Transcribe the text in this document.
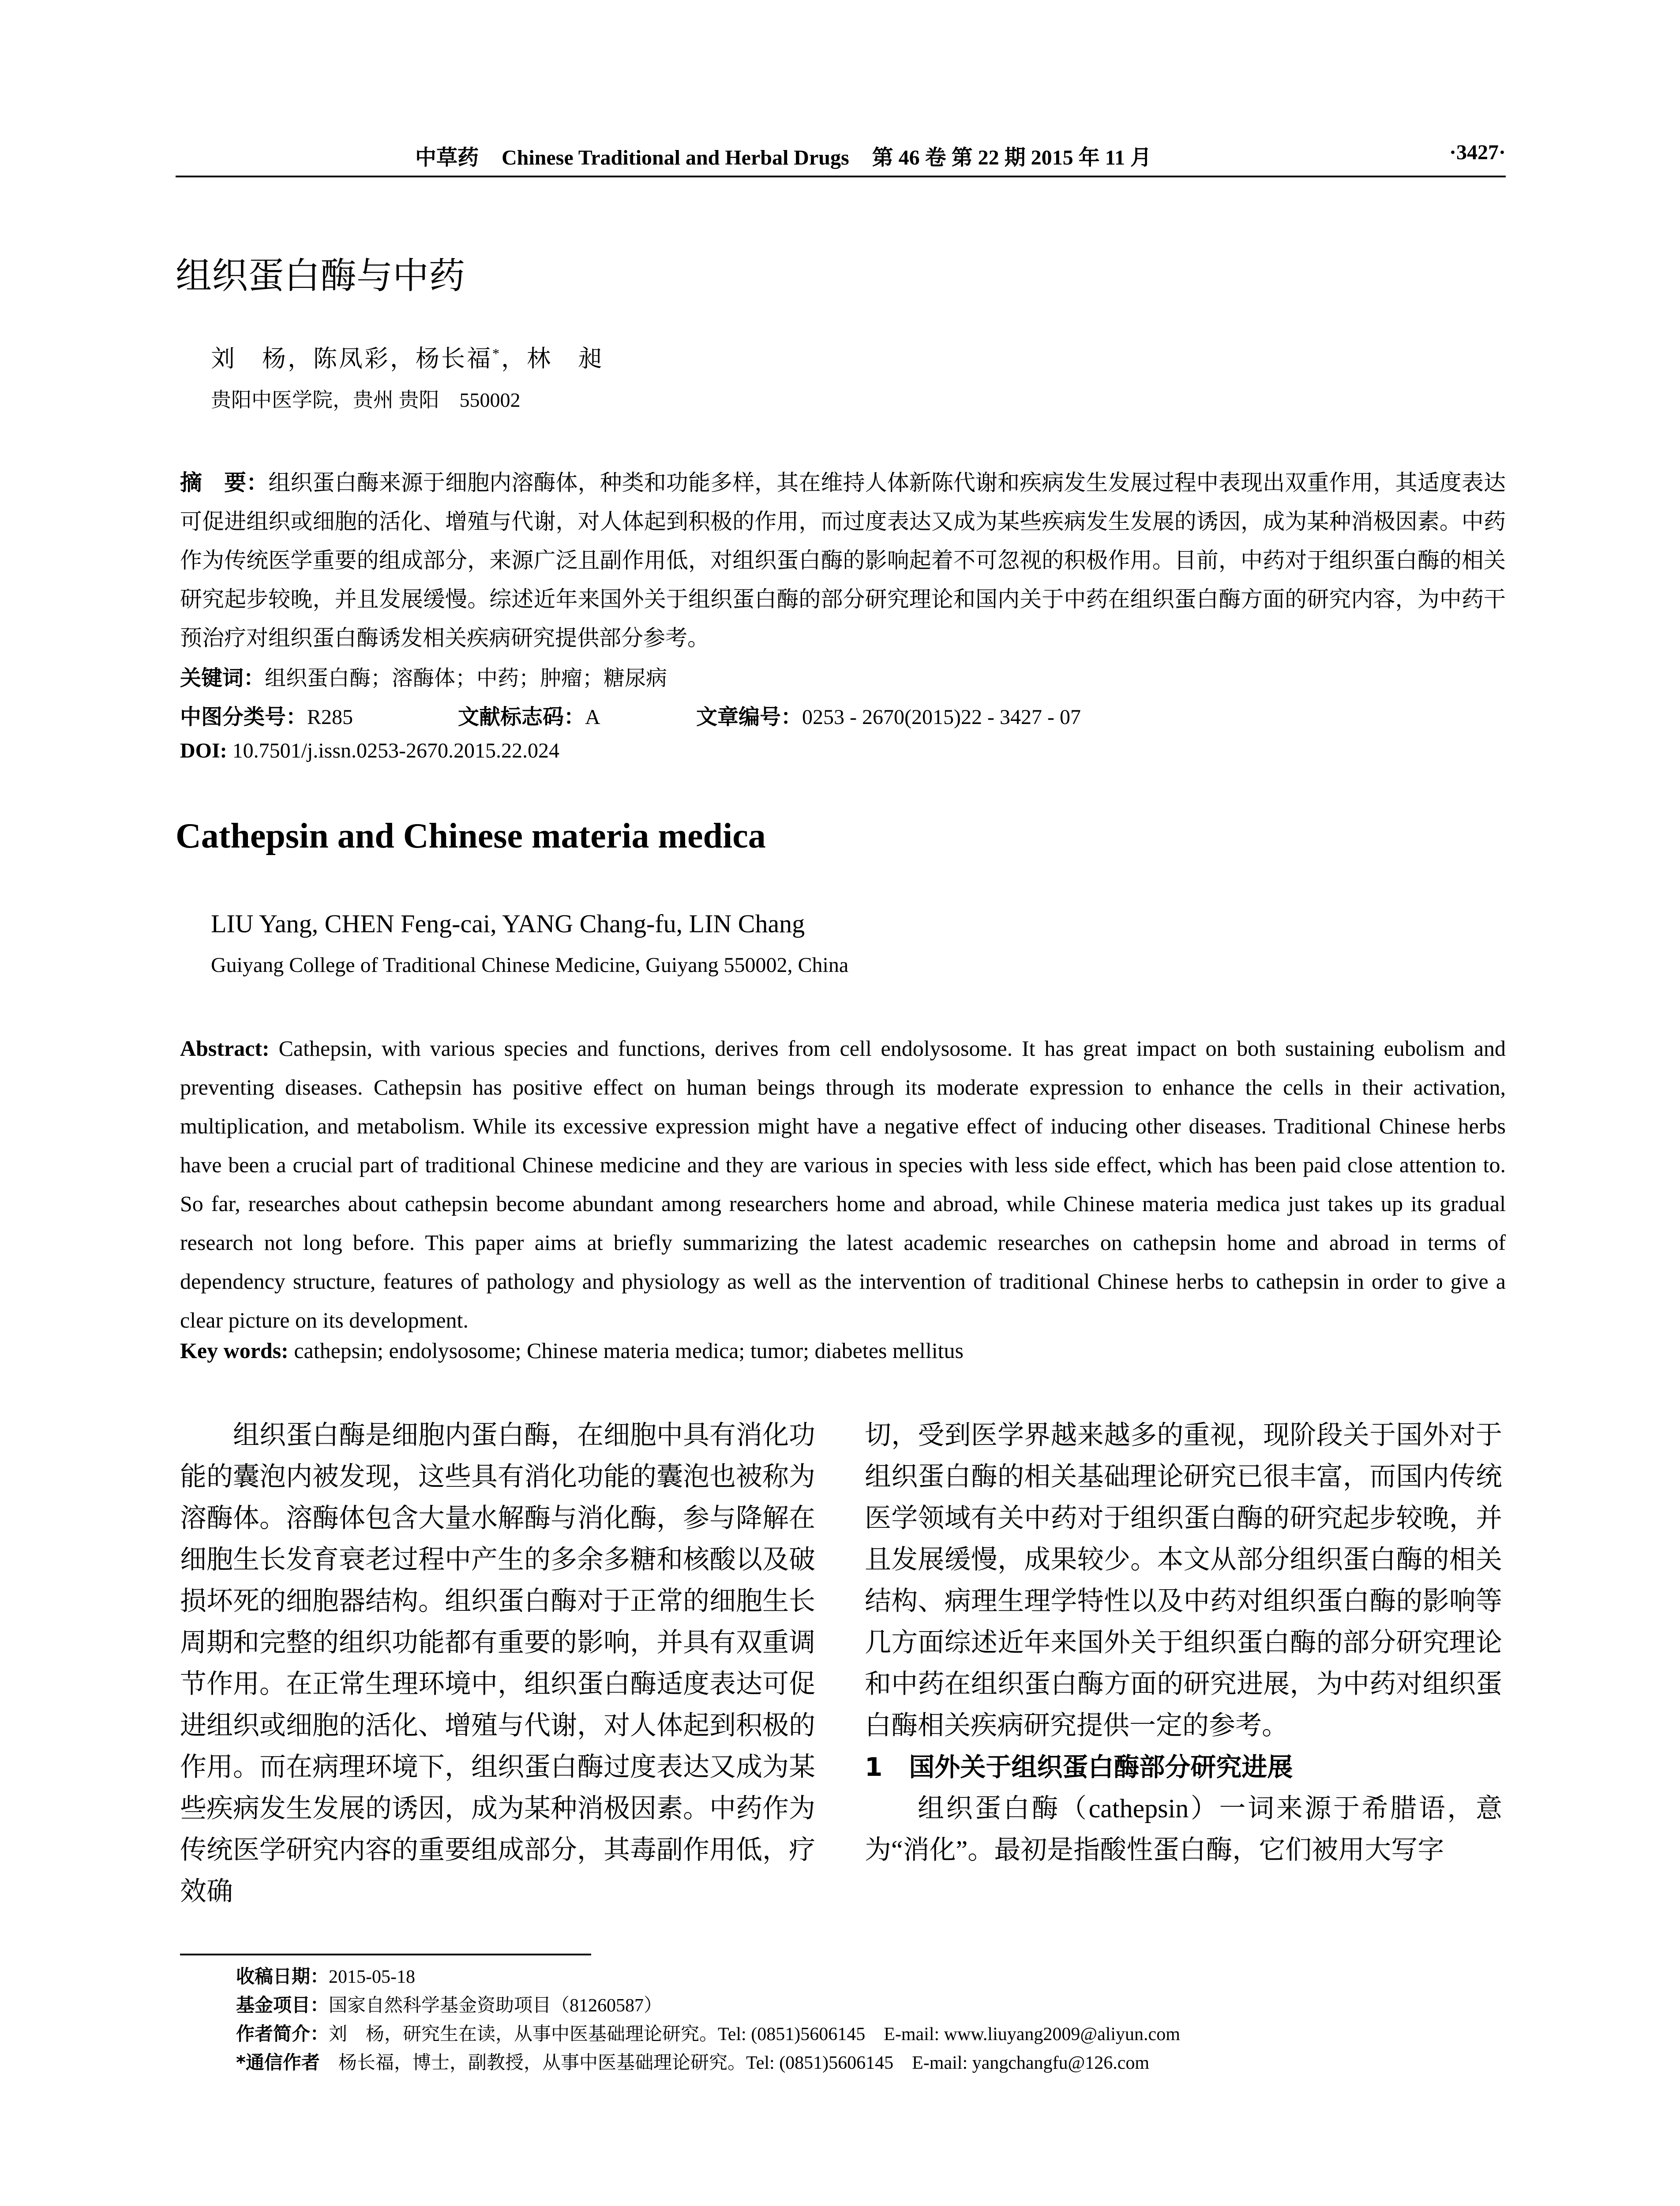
中草药 Chinese Traditional and Herbal Drugs 第 46 卷 第 22 期 2015 年 11 月	·3427·
组织蛋白酶与中药
刘　杨，陈凤彩，杨长福*，林　昶
贵阳中医学院，贵州 贵阳　550002
摘　要：组织蛋白酶来源于细胞内溶酶体，种类和功能多样，其在维持人体新陈代谢和疾病发生发展过程中表现出双重作用，其适度表达可促进组织或细胞的活化、增殖与代谢，对人体起到积极的作用，而过度表达又成为某些疾病发生发展的诱因，成为某种消极因素。中药作为传统医学重要的组成部分，来源广泛且副作用低，对组织蛋白酶的影响起着不可忽视的积极作用。目前，中药对于组织蛋白酶的相关研究起步较晚，并且发展缓慢。综述近年来国外关于组织蛋白酶的部分研究理论和国内关于中药在组织蛋白酶方面的研究内容，为中药干预治疗对组织蛋白酶诱发相关疾病研究提供部分参考。
关键词：组织蛋白酶；溶酶体；中药；肿瘤；糖尿病
中图分类号：R285	文献标志码：A	文章编号：0253 - 2670(2015)22 - 3427 - 07
DOI: 10.7501/j.issn.0253-2670.2015.22.024
Cathepsin and Chinese materia medica
LIU Yang, CHEN Feng-cai, YANG Chang-fu, LIN Chang
Guiyang College of Traditional Chinese Medicine, Guiyang 550002, China
Abstract: Cathepsin, with various species and functions, derives from cell endolysosome. It has great impact on both sustaining eubolism and preventing diseases. Cathepsin has positive effect on human beings through its moderate expression to enhance the cells in their activation, multiplication, and metabolism. While its excessive expression might have a negative effect of inducing other diseases. Traditional Chinese herbs have been a crucial part of traditional Chinese medicine and they are various in species with less side effect, which has been paid close attention to. So far, researches about cathepsin become abundant among researchers home and abroad, while Chinese materia medica just takes up its gradual research not long before. This paper aims at briefly summarizing the latest academic researches on cathepsin home and abroad in terms of dependency structure, features of pathology and physiology as well as the intervention of traditional Chinese herbs to cathepsin in order to give a clear picture on its development.
Key words: cathepsin; endolysosome; Chinese materia medica; tumor; diabetes mellitus

组织蛋白酶是细胞内蛋白酶，在细胞中具有消化功能的囊泡内被发现，这些具有消化功能的囊泡也被称为溶酶体。溶酶体包含大量水解酶与消化酶，参与降解在细胞生长发育衰老过程中产生的多余多糖和核酸以及破损坏死的细胞器结构。组织蛋白酶对于正常的细胞生长周期和完整的组织功能都有重要的影响，并具有双重调节作用。在正常生理环境中，组织蛋白酶适度表达可促进组织或细胞的活化、增殖与代谢，对人体起到积极的作用。而在病理环境下，组织蛋白酶过度表达又成为某些疾病发生发展的诱因，成为某种消极因素。中药作为传统医学研究内容的重要组成部分，其毒副作用低，疗效确

切，受到医学界越来越多的重视，现阶段关于国外对于组织蛋白酶的相关基础理论研究已很丰富，而国内传统医学领域有关中药对于组织蛋白酶的研究起步较晚，并且发展缓慢，成果较少。本文从部分组织蛋白酶的相关结构、病理生理学特性以及中药对组织蛋白酶的影响等几方面综述近年来国外关于组织蛋白酶的部分研究理论和中药在组织蛋白酶方面的研究进展，为中药对组织蛋白酶相关疾病研究提供一定的参考。

1 国外关于组织蛋白酶部分研究进展

组织蛋白酶（cathepsin）一词来源于希腊语，意为“消化”。最初是指酸性蛋白酶，它们被用大写字

收稿日期：2015-05-18
基金项目：国家自然科学基金资助项目（81260587）
作者简介：刘　杨，研究生在读，从事中医基础理论研究。Tel: (0851)5606145　E-mail: www.liuyang2009@aliyun.com
*通信作者　 杨长福，博士，副教授，从事中医基础理论研究。Tel: (0851)5606145　E-mail: yangchangfu@126.com
